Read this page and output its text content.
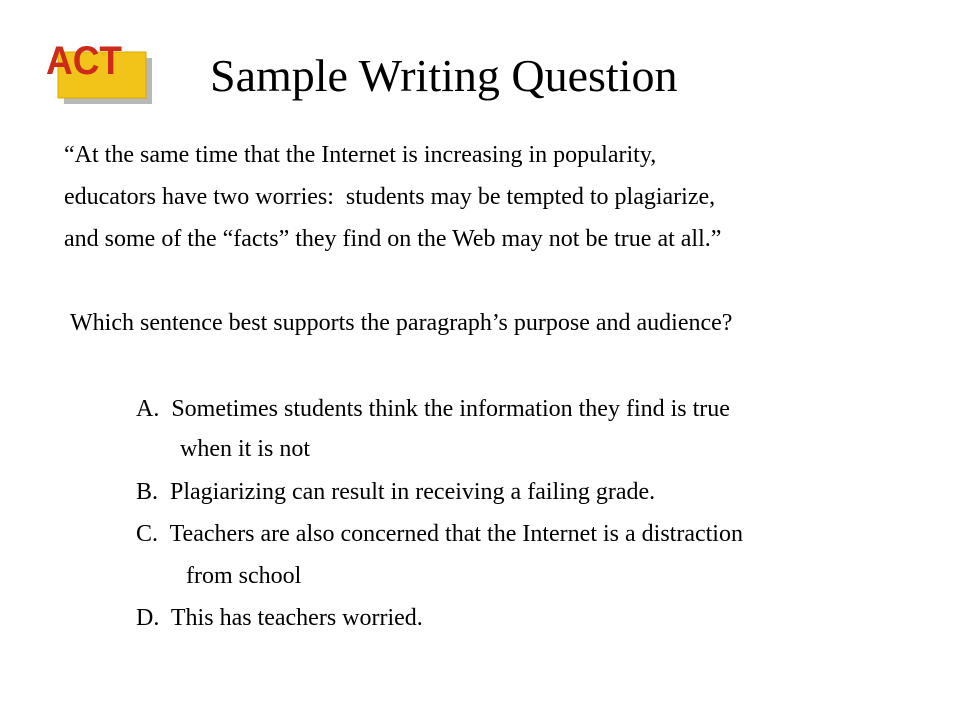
ACT Sample Writing Question
“At the same time that the Internet is increasing in popularity,
educators have two worries:  students may be tempted to plagiarize,
and some of the “facts” they find on the Web may not be true at all.”
Which sentence best supports the paragraph’s purpose and audience?
A.  Sometimes students think the information they find is true
when it is not
B.  Plagiarizing can result in receiving a failing grade.
C.  Teachers are also concerned that the Internet is a distraction
from school
D.  This has teachers worried.
